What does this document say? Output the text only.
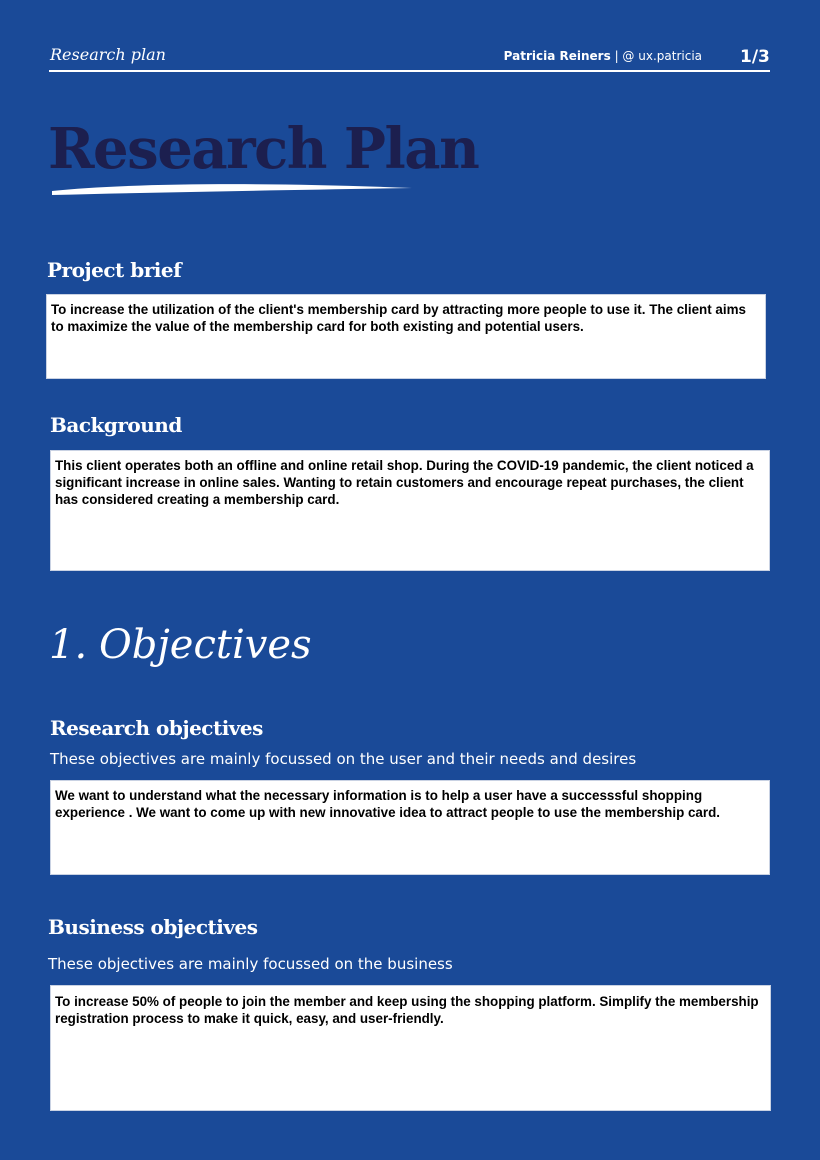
Research plan	Patricia Reiners | @ ux.patricia 1/3
Research Plan
Project brief
To increase the utilization of the client's membership card by attracting more people to use it. The client aims to maximize the value of the membership card for both existing and potential users.
Background
This client operates both an offline and online retail shop. During the COVID-19 pandemic, the client noticed a significant increase in online sales. Wanting to retain customers and encourage repeat purchases, the client has considered creating a membership card.
1. Objectives
Research objectives
These objectives are mainly focussed on the user and their needs and desires
We want to understand what the necessary information is to help a user have a successsful shopping experience . We want to come up with new innovative idea to attract people to use the membership card.
Business objectives
These objectives are mainly focussed on the business
To increase 50% of people to join the member and keep using the shopping platform. Simplify the membership registration process to make it quick, easy, and user-friendly.
